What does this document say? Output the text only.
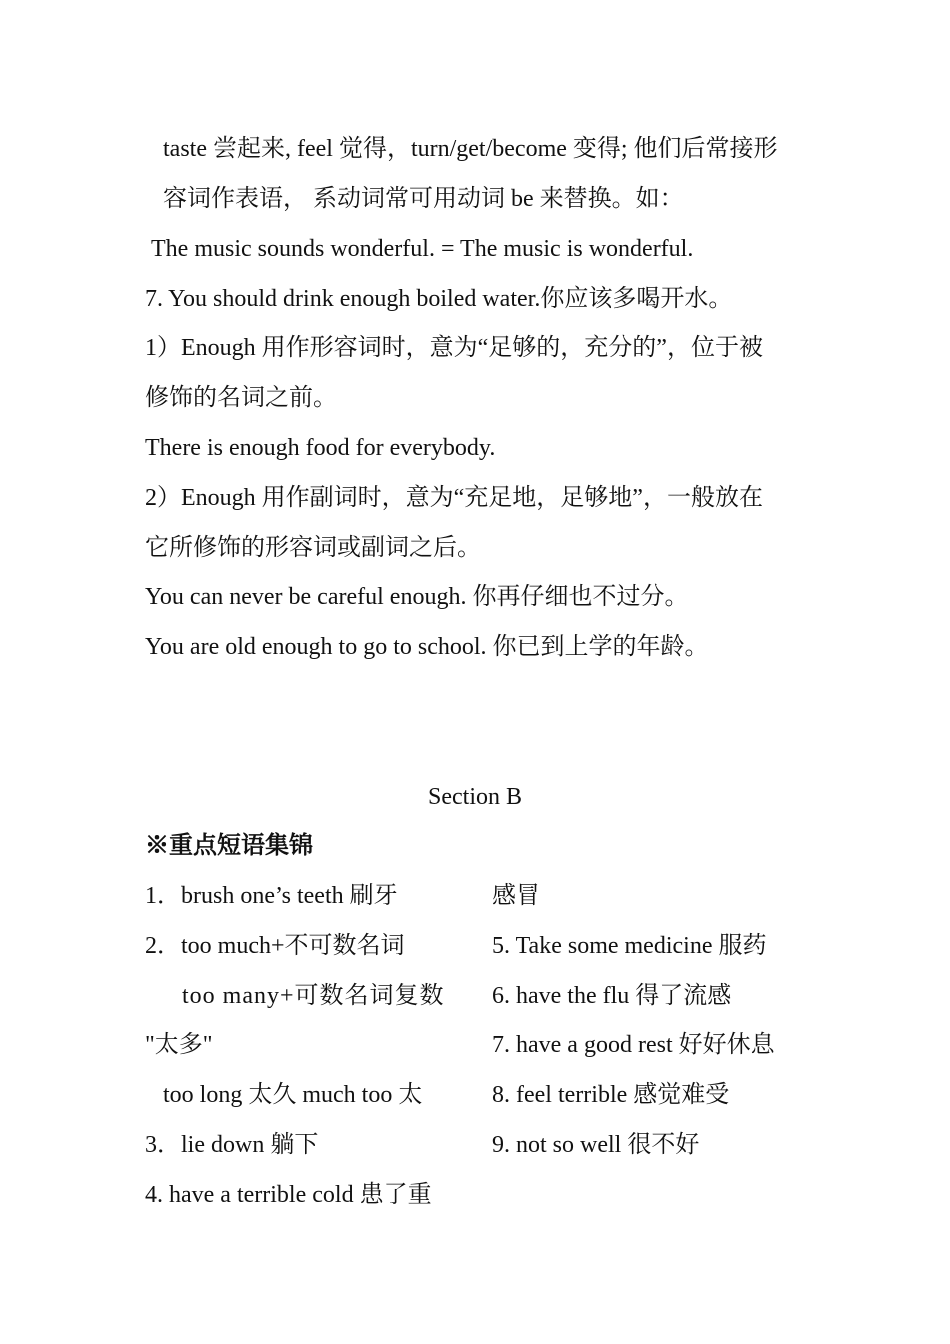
taste 尝起来, feel 觉得，turn/get/become 变得; 他们后常接形
容词作表语， 系动词常可用动词 be 来替换。如：
The music sounds wonderful. = The music is wonderful.
7. You should drink enough boiled water.你应该多喝开水。
1）Enough 用作形容词时，意为“足够的，充分的”，位于被
修饰的名词之前。
There is enough food for everybody.
2）Enough 用作副词时，意为“充足地，足够地”，一般放在
它所修饰的形容词或副词之后。
You can never be careful enough. 你再仔细也不过分。
You are old enough to go to school. 你已到上学的年龄。
Section B
※重点短语集锦
1．brush one’s teeth 刷牙
2．too much+不可数名词
too many+可数名词复数
"太多"
too long 太久 much too 太
3．lie down 躺下
4. have a terrible cold 患了重
感冒
5. Take some medicine 服药
6. have the flu 得了流感
7. have a good rest 好好休息
8. feel terrible 感觉难受
9. not so well 很不好
